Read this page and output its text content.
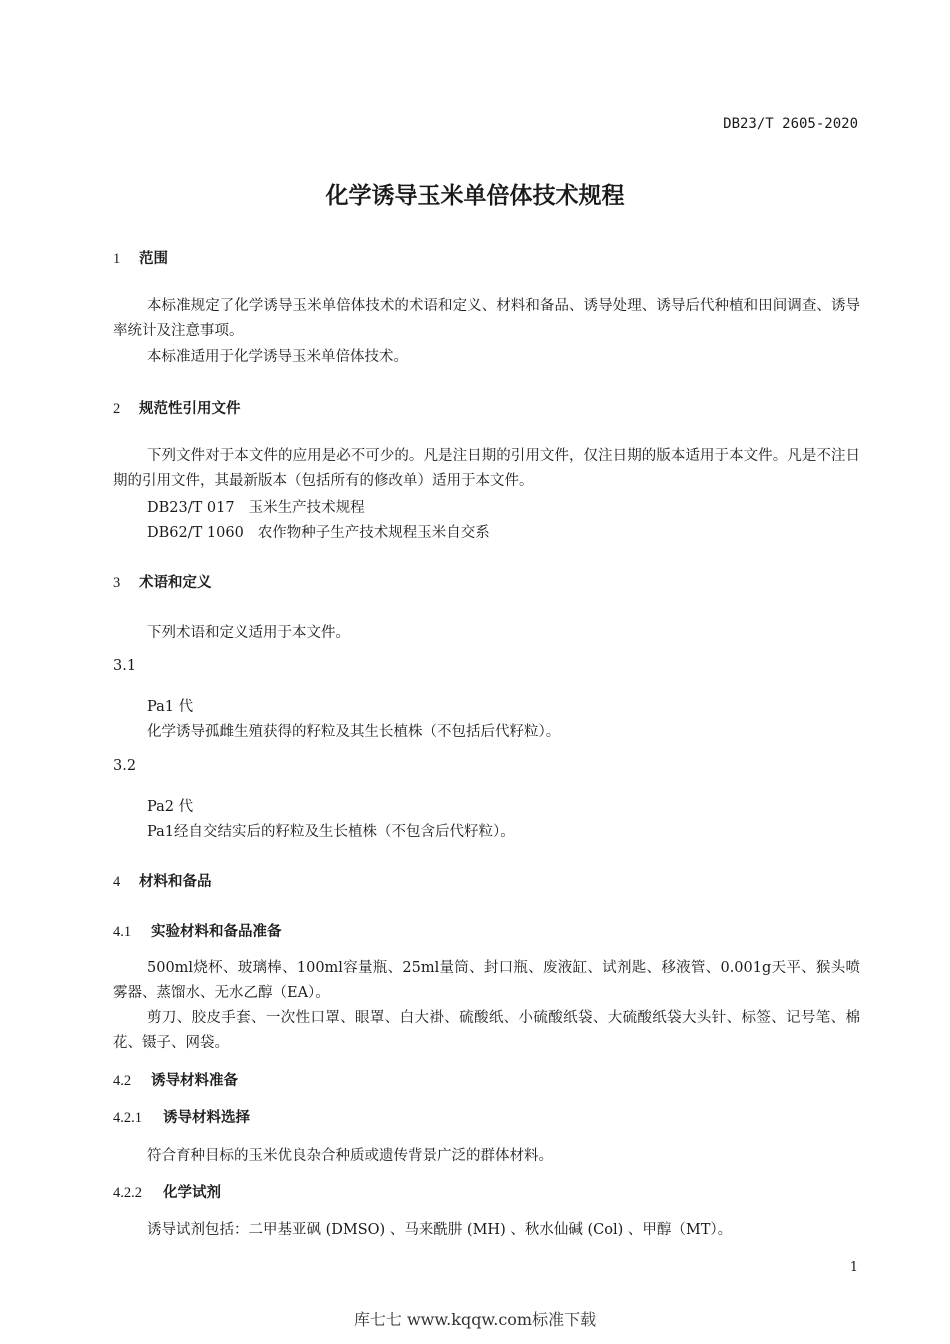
DB23/T 2605-2020
化学诱导玉米单倍体技术规程
1 范围
本标准规定了化学诱导玉米单倍体技术的术语和定义、材料和备品、诱导处理、诱导后代种植和田间调查、诱导率统计及注意事项。
本标准适用于化学诱导玉米单倍体技术。
2 规范性引用文件
下列文件对于本文件的应用是必不可少的。凡是注日期的引用文件，仅注日期的版本适用于本文件。凡是不注日期的引用文件，其最新版本（包括所有的修改单）适用于本文件。
DB23/T 017 玉米生产技术规程
DB62/T 1060 农作物种子生产技术规程玉米自交系
3 术语和定义
下列术语和定义适用于本文件。
3.1
Pa1 代
化学诱导孤雌生殖获得的籽粒及其生长植株（不包括后代籽粒）。
3.2
Pa2 代
Pa1经自交结实后的籽粒及生长植株（不包含后代籽粒）。
4 材料和备品
4.1 实验材料和备品准备
500ml烧杯、玻璃棒、100ml容量瓶、25ml量筒、封口瓶、废液缸、试剂匙、移液管、0.001g天平、猴头喷雾器、蒸馏水、无水乙醇（EA）。
剪刀、胶皮手套、一次性口罩、眼罩、白大褂、硫酸纸、小硫酸纸袋、大硫酸纸袋大头针、标签、记号笔、棉花、镊子、网袋。
4.2 诱导材料准备
4.2.1 诱导材料选择
符合育种目标的玉米优良杂合种质或遗传背景广泛的群体材料。
4.2.2 化学试剂
诱导试剂包括：二甲基亚砜 (DMSO) 、马来酰肼 (MH) 、秋水仙碱 (Col) 、甲醇（MT）。
1
库七七 www.kqqw.com标准下载
